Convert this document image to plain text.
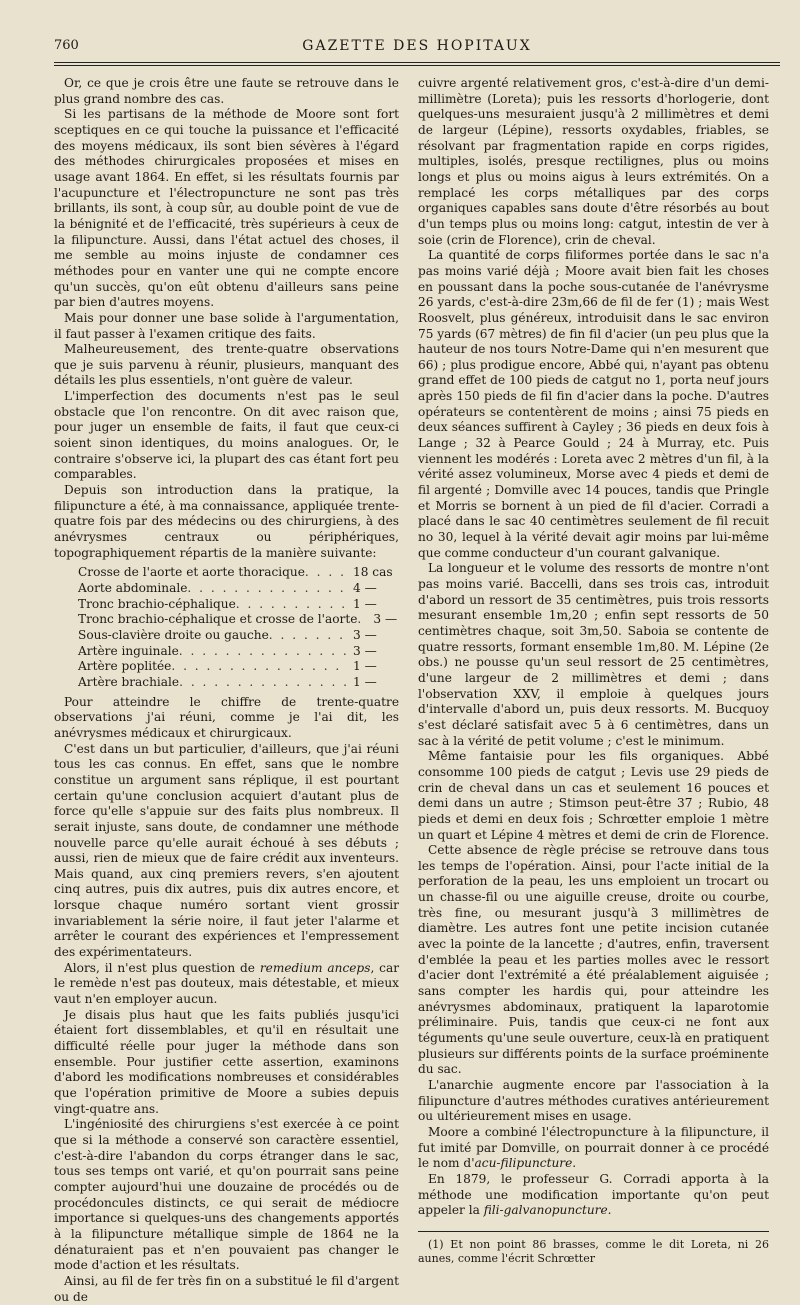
760	GAZETTE DES HOPITAUX

Or, ce que je crois être une faute se retrouve dans le plus grand nombre des cas.

Si les partisans de la méthode de Moore sont fort sceptiques en ce qui touche la puissance et l'efficacité des moyens médicaux, ils sont bien sévères à l'égard des méthodes chirurgicales proposées et mises en usage avant 1864. En effet, si les résultats fournis par l'acupuncture et l'électropuncture ne sont pas très brillants, ils sont, à coup sûr, au double point de vue de la bénignité et de l'efficacité, très supérieurs à ceux de la filipuncture. Aussi, dans l'état actuel des choses, il me semble au moins injuste de condamner ces méthodes pour en vanter une qui ne compte encore qu'un succès, qu'on eût obtenu d'ailleurs sans peine par bien d'autres moyens.

Mais pour donner une base solide à l'argumentation, il faut passer à l'examen critique des faits.

Malheureusement, des trente-quatre observations que je suis parvenu à réunir, plusieurs, manquant des détails les plus essentiels, n'ont guère de valeur.

L'imperfection des documents n'est pas le seul obstacle que l'on rencontre. On dit avec raison que, pour juger un ensemble de faits, il faut que ceux-ci soient sinon identiques, du moins analogues. Or, le contraire s'observe ici, la plupart des cas étant fort peu comparables.

Depuis son introduction dans la pratique, la filipuncture a été, à ma connaissance, appliquée trente-quatre fois par des médecins ou des chirurgiens, à des anévrysmes centraux ou périphériques, topographiquement répartis de la manière suivante:

Crosse de l'aorte et aorte thoracique . . .	18 cas
Aorte abdominale . . .	4 —
Tronc brachio-céphalique . . .	1 —
Tronc brachio-céphalique et crosse de l'aorte . . .	3 —
Sous-clavière droite ou gauche . . .	3 —
Artère inguinale . . .	3 —
Artère poplitée . . .	1 —
Artère brachiale . . .	1 —

Pour atteindre le chiffre de trente-quatre observations j'ai réuni, comme je l'ai dit, les anévrysmes médicaux et chirurgicaux.

C'est dans un but particulier, d'ailleurs, que j'ai réuni tous les cas connus. En effet, sans que le nombre constitue un argument sans réplique, il est pourtant certain qu'une conclusion acquiert d'autant plus de force qu'elle s'appuie sur des faits plus nombreux. Il serait injuste, sans doute, de condamner une méthode nouvelle parce qu'elle aurait échoué à ses débuts ; aussi, rien de mieux que de faire crédit aux inventeurs. Mais quand, aux cinq premiers revers, s'en ajoutent cinq autres, puis dix autres, puis dix autres encore, et lorsque chaque numéro sortant vient grossir invariablement la série noire, il faut jeter l'alarme et arrêter le courant des expériences et l'empressement des expérimentateurs.

Alors, il n'est plus question de remedium anceps, car le remède n'est pas douteux, mais détestable, et mieux vaut n'en employer aucun.

Je disais plus haut que les faits publiés jusqu'ici étaient fort dissemblables, et qu'il en résultait une difficulté réelle pour juger la méthode dans son ensemble. Pour justifier cette assertion, examinons d'abord les modifications nombreuses et considérables que l'opération primitive de Moore a subies depuis vingt-quatre ans.

L'ingéniosité des chirurgiens s'est exercée à ce point que si la méthode a conservé son caractère essentiel, c'est-à-dire l'abandon du corps étranger dans le sac, tous ses temps ont varié, et qu'on pourrait sans peine compter aujourd'hui une douzaine de procédés ou de procédoncules distincts, ce qui serait de médiocre importance si quelques-uns des changements apportés à la filipuncture métallique simple de 1864 ne la dénaturaient pas et n'en pouvaient pas changer le mode d'action et les résultats.

Ainsi, au fil de fer très fin on a substitué le fil d'argent ou de

cuivre argenté relativement gros, c'est-à-dire d'un demi-millimètre (Loreta); puis les ressorts d'horlogerie, dont quelques-uns mesuraient jusqu'à 2 millimètres et demi de largeur (Lépine), ressorts oxydables, friables, se résolvant par fragmentation rapide en corps rigides, multiples, isolés, presque rectilignes, plus ou moins longs et plus ou moins aigus à leurs extrémités. On a remplacé les corps métalliques par des corps organiques capables sans doute d'être résorbés au bout d'un temps plus ou moins long: catgut, intestin de ver à soie (crin de Florence), crin de cheval.

La quantité de corps filiformes portée dans le sac n'a pas moins varié déjà ; Moore avait bien fait les choses en poussant dans la poche sous-cutanée de l'anévrysme 26 yards, c'est-à-dire 23m,66 de fil de fer (1) ; mais West Roosvelt, plus généreux, introduisit dans le sac environ 75 yards (67 mètres) de fin fil d'acier (un peu plus que la hauteur de nos tours Notre-Dame qui n'en mesurent que 66) ; plus prodigue encore, Abbé qui, n'ayant pas obtenu grand effet de 100 pieds de catgut no 1, porta neuf jours après 150 pieds de fil fin d'acier dans la poche. D'autres opérateurs se contentèrent de moins ; ainsi 75 pieds en deux séances suffirent à Cayley ; 36 pieds en deux fois à Lange ; 32 à Pearce Gould ; 24 à Murray, etc. Puis viennent les modérés : Loreta avec 2 mètres d'un fil, à la vérité assez volumineux, Morse avec 4 pieds et demi de fil argenté ; Domville avec 14 pouces, tandis que Pringle et Morris se bornent à un pied de fil d'acier. Corradi a placé dans le sac 40 centimètres seulement de fil recuit no 30, lequel à la vérité devait agir moins par lui-même que comme conducteur d'un courant galvanique.

La longueur et le volume des ressorts de montre n'ont pas moins varié. Baccelli, dans ses trois cas, introduit d'abord un ressort de 35 centimètres, puis trois ressorts mesurant ensemble 1m,20 ; enfin sept ressorts de 50 centimètres chaque, soit 3m,50. Saboia se contente de quatre ressorts, formant ensemble 1m,80. M. Lépine (2e obs.) ne pousse qu'un seul ressort de 25 centimètres, d'une largeur de 2 millimètres et demi ; dans l'observation XXV, il emploie à quelques jours d'intervalle d'abord un, puis deux ressorts. M. Bucquoy s'est déclaré satisfait avec 5 à 6 centimètres, dans un sac à la vérité de petit volume ; c'est le minimum.

Même fantaisie pour les fils organiques. Abbé consomme 100 pieds de catgut ; Levis use 29 pieds de crin de cheval dans un cas et seulement 16 pouces et demi dans un autre ; Stimson peut-être 37 ; Rubio, 48 pieds et demi en deux fois ; Schrœtter emploie 1 mètre un quart et Lépine 4 mètres et demi de crin de Florence.

Cette absence de règle précise se retrouve dans tous les temps de l'opération. Ainsi, pour l'acte initial de la perforation de la peau, les uns emploient un trocart ou un chasse-fil ou une aiguille creuse, droite ou courbe, très fine, ou mesurant jusqu'à 3 millimètres de diamètre. Les autres font une petite incision cutanée avec la pointe de la lancette ; d'autres, enfin, traversent d'emblée la peau et les parties molles avec le ressort d'acier dont l'extrémité a été préalablement aiguisée ; sans compter les hardis qui, pour atteindre les anévrysmes abdominaux, pratiquent la laparotomie préliminaire. Puis, tandis que ceux-ci ne font aux téguments qu'une seule ouverture, ceux-là en pratiquent plusieurs sur différents points de la surface proéminente du sac.

L'anarchie augmente encore par l'association à la filipuncture d'autres méthodes curatives antérieurement ou ultérieurement mises en usage.

Moore a combiné l'électropuncture à la filipuncture, il fut imité par Domville, on pourrait donner à ce procédé le nom d'acu-filipuncture.

En 1879, le professeur G. Corradi apporta à la méthode une modification importante qu'on peut appeler la fili-galvanopuncture.

(1) Et non point 86 brasses, comme le dit Loreta, ni 26 aunes, comme l'écrit Schrœtter
